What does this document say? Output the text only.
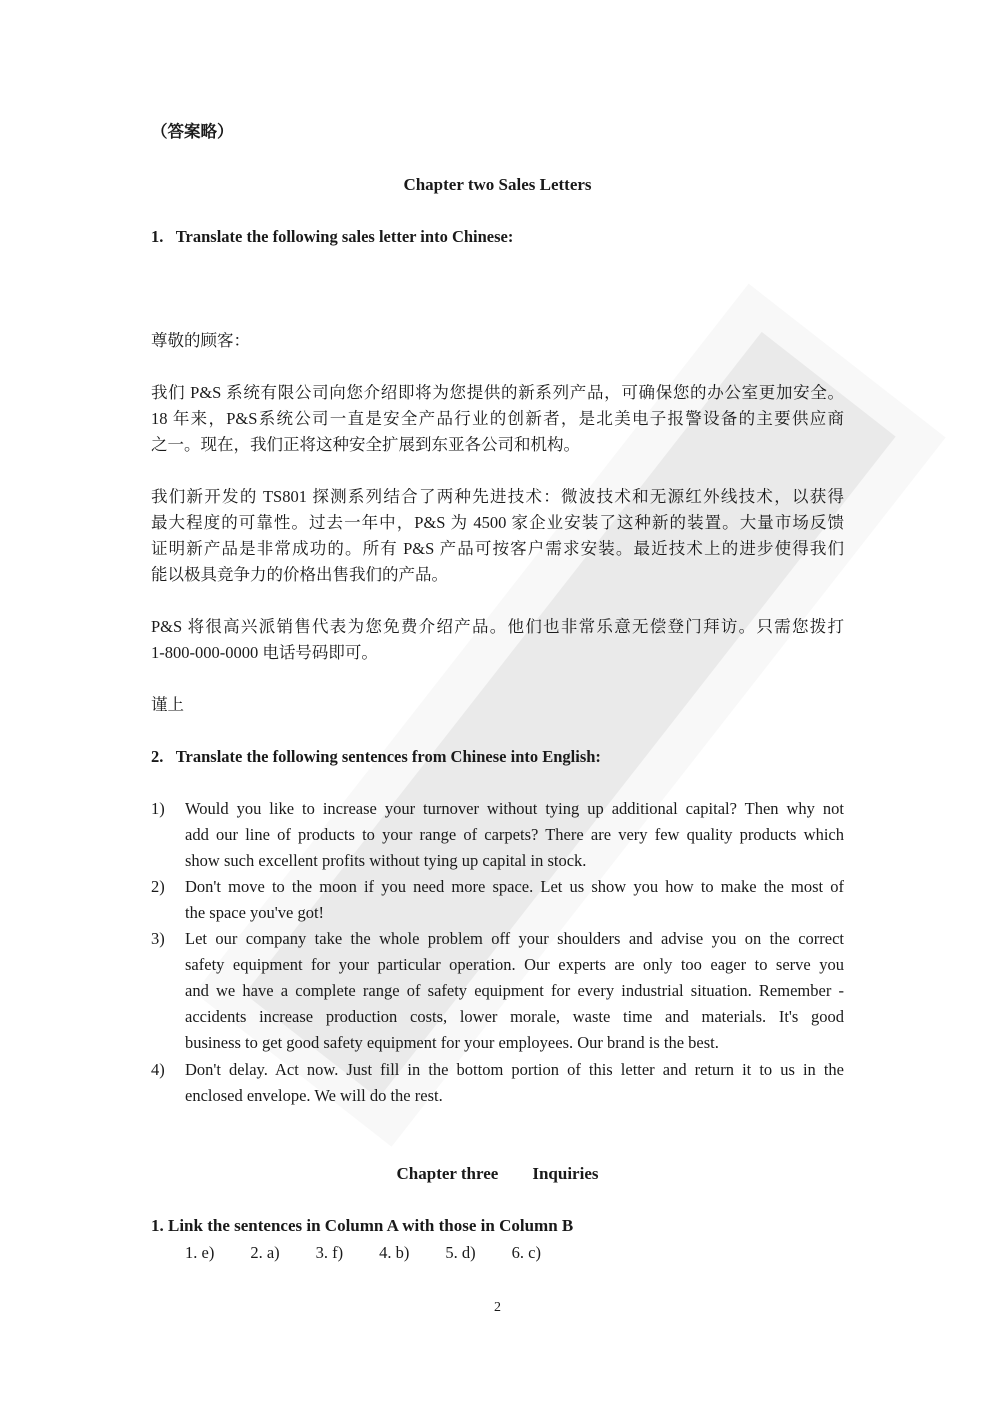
（答案略）
Chapter two Sales Letters
1.   Translate the following sales letter into Chinese:
尊敬的顾客：
我们 P&S 系统有限公司向您介绍即将为您提供的新系列产品，可确保您的办公室更加安全。
18 年来，P&S系统公司一直是安全产品行业的创新者，是北美电子报警设备的主要供应商
之一。现在，我们正将这种安全扩展到东亚各公司和机构。
我们新开发的 TS801 探测系列结合了两种先进技术：微波技术和无源红外线技术，以获得
最大程度的可靠性。过去一年中，P&S 为 4500 家企业安装了这种新的装置。大量市场反馈
证明新产品是非常成功的。所有 P&S 产品可按客户需求安装。最近技术上的进步使得我们
能以极具竞争力的价格出售我们的产品。
P&S 将很高兴派销售代表为您免费介绍产品。他们也非常乐意无偿登门拜访。只需您拨打
1-800-000-0000 电话号码即可。
谨上
2.   Translate the following sentences from Chinese into English:
1) Would you like to increase your turnover without tying up additional capital? Then why not
add our line of products to your range of carpets? There are very few quality products which
show such excellent profits without tying up capital in stock.
2) Don't move to the moon if you need more space. Let us show you how to make the most of
the space you've got!
3) Let our company take the whole problem off your shoulders and advise you on the correct
safety equipment for your particular operation. Our experts are only too eager to serve you
and we have a complete range of safety equipment for every industrial situation. Remember -
accidents increase production costs, lower morale, waste time and materials. It's good
business to get good safety equipment for your employees. Our brand is the best.
4) Don't delay. Act now. Just fill in the bottom portion of this letter and return it to us in the
enclosed envelope. We will do the rest.
Chapter three        Inquiries
1. Link the sentences in Column A with those in Column B
1. e) 2. a) 3. f) 4. b) 5. d) 6. c)
2
